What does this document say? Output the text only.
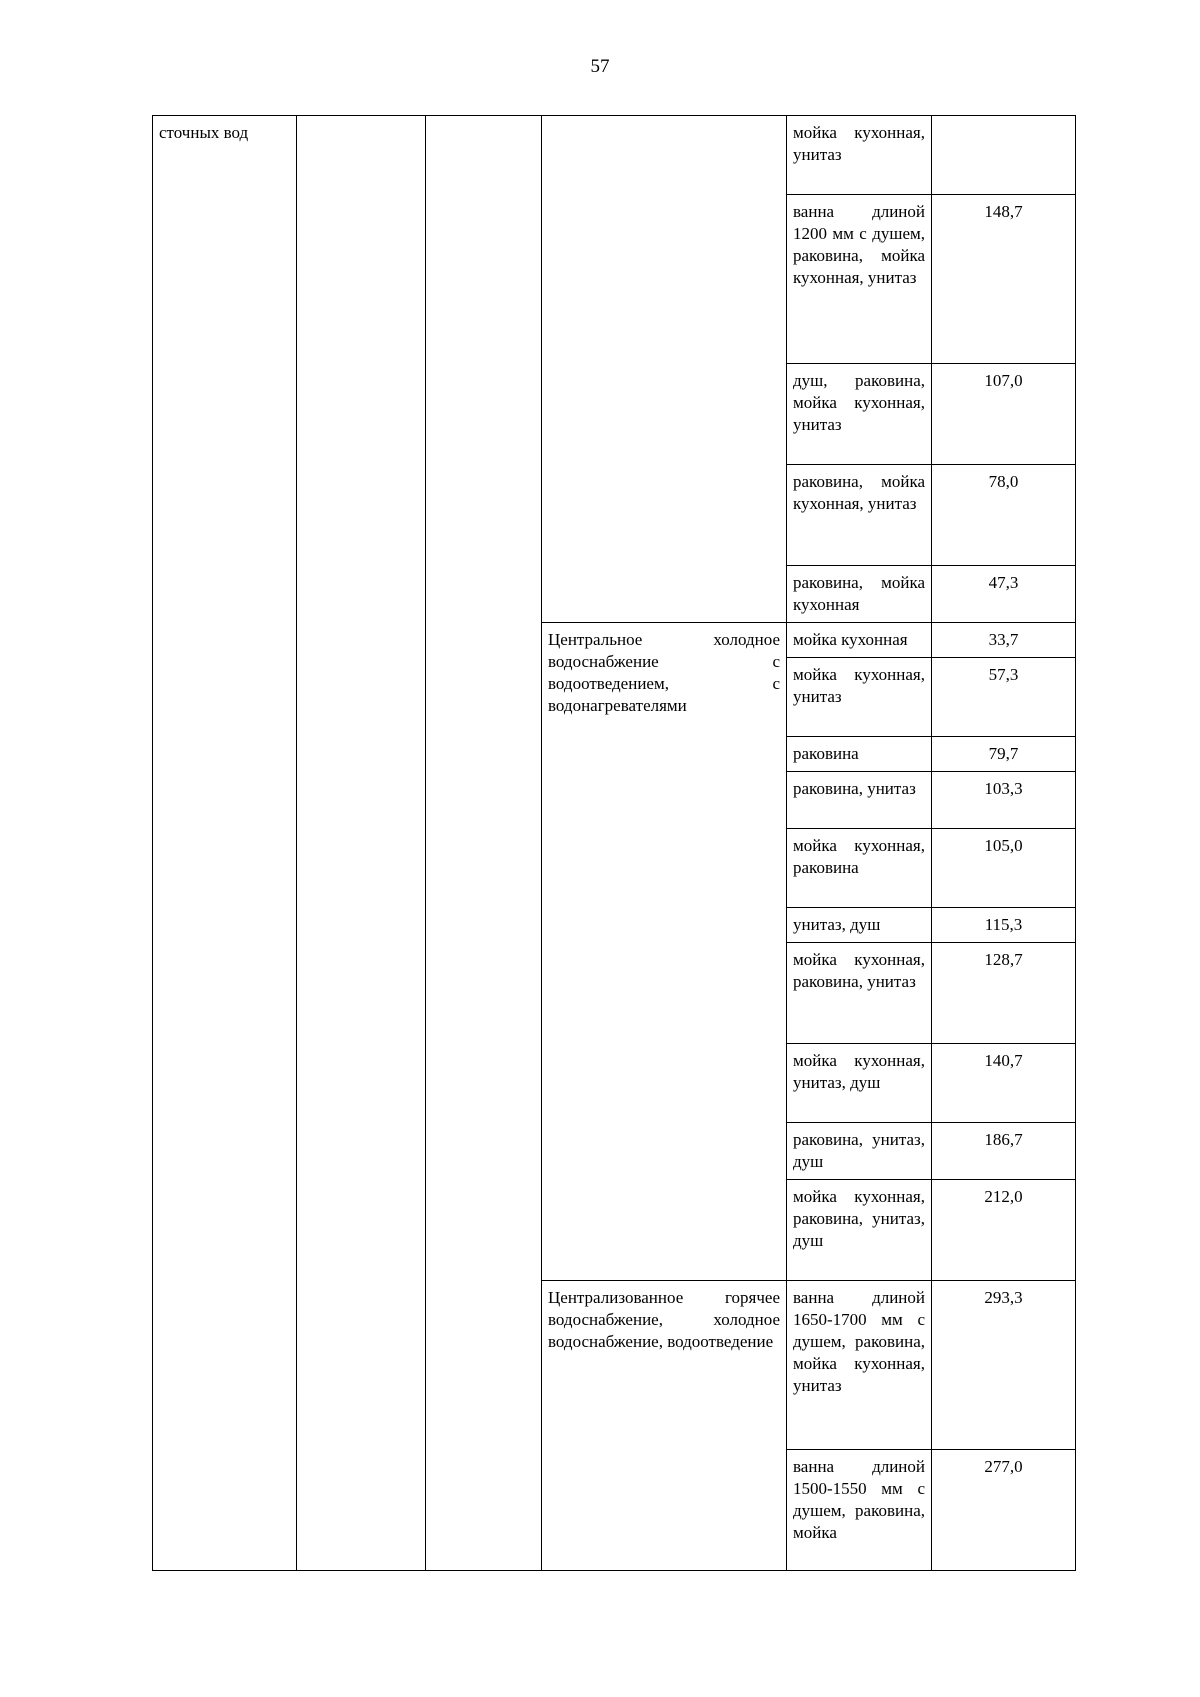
57
сточных вод				мойка кухонная, унитаз	
				ванна длиной 1200 мм с душем, раковина, мойка кухонная, унитаз	148,7
				душ, раковина, мойка кухонная, унитаз	107,0
				раковина, мойка кухонная, унитаз	78,0
				раковина, мойка кухонная	47,3
			Центральное холодное водоснабжение с водоотведением, с водонагревателями	мойка кухонная	33,7
				мойка кухонная, унитаз	57,3
				раковина	79,7
				раковина, унитаз	103,3
				мойка кухонная, раковина	105,0
				унитаз, душ	115,3
				мойка кухонная, раковина, унитаз	128,7
				мойка кухонная, унитаз, душ	140,7
				раковина, унитаз, душ	186,7
				мойка кухонная, раковина, унитаз, душ	212,0
			Централизованное горячее водоснабжение, холодное водоснабжение, водоотведение	ванна длиной 1650-1700 мм с душем, раковина, мойка кухонная, унитаз	293,3
				ванна длиной 1500-1550 мм с душем, раковина, мойка	277,0
